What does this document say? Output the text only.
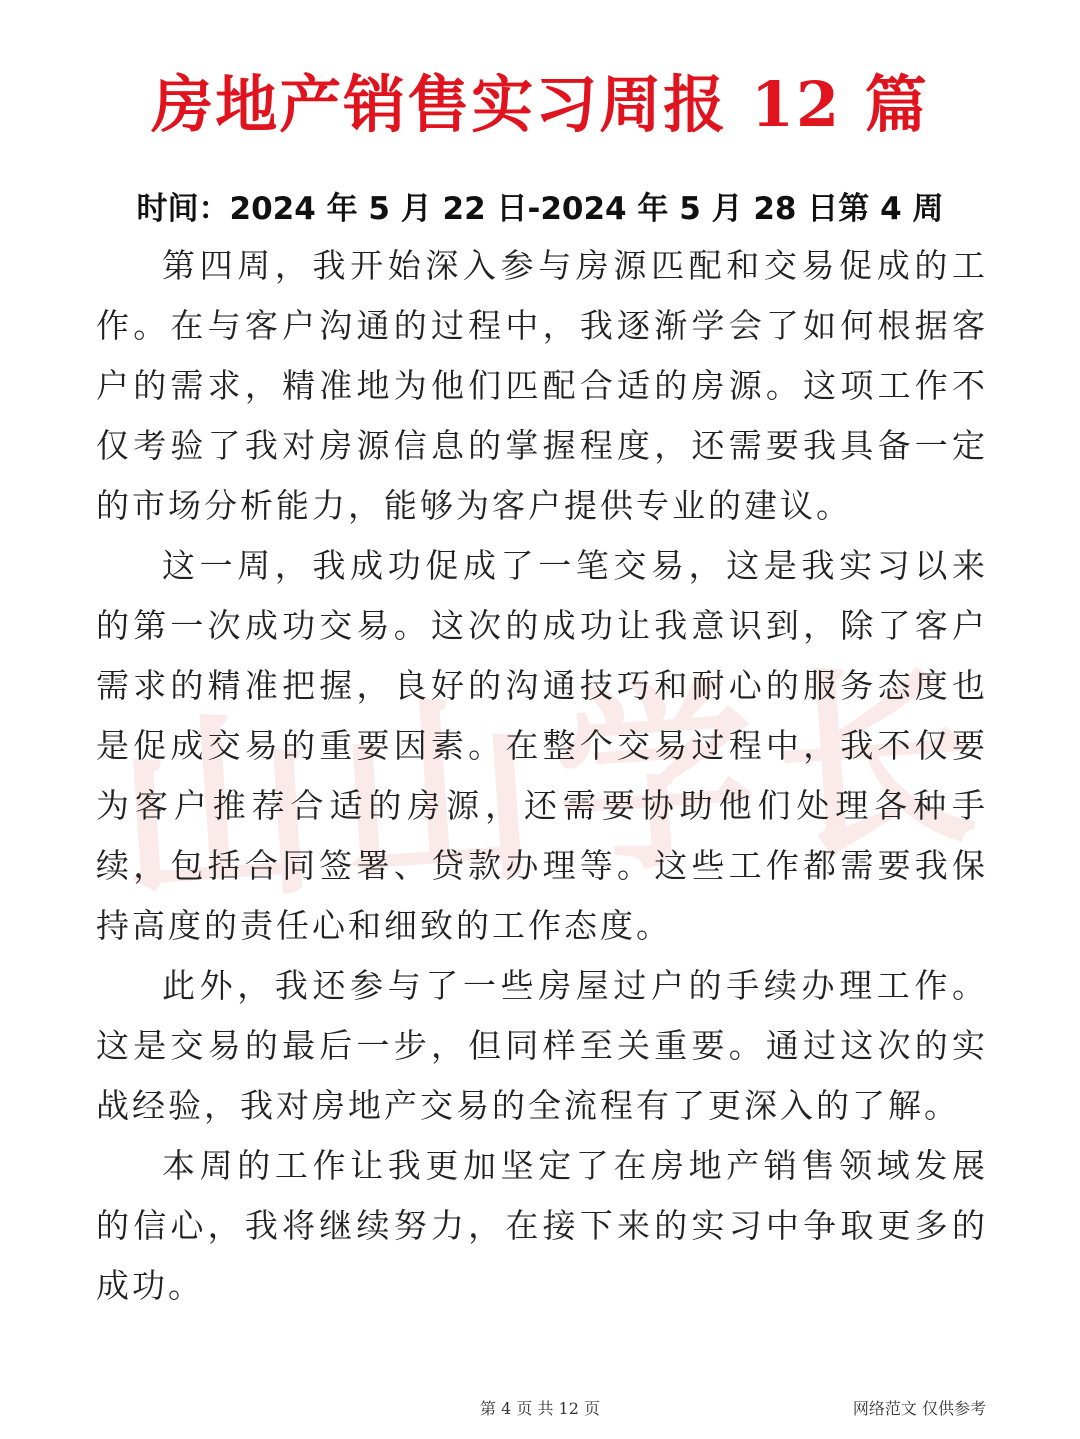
山
山
学
长
房地产销售实习周报 12 篇
时间：2024 年 5 月 22 日-2024 年 5 月 28 日第 4 周

第四周，我开始深入参与房源匹配和交易促成的工作。在与客户沟通的过程中，我逐渐学会了如何根据客户的需求，精准地为他们匹配合适的房源。这项工作不仅考验了我对房源信息的掌握程度，还需要我具备一定的市场分析能力，能够为客户提供专业的建议。

这一周，我成功促成了一笔交易，这是我实习以来的第一次成功交易。这次的成功让我意识到，除了客户需求的精准把握，良好的沟通技巧和耐心的服务态度也是促成交易的重要因素。在整个交易过程中，我不仅要为客户推荐合适的房源，还需要协助他们处理各种手续，包括合同签署、贷款办理等。这些工作都需要我保持高度的责任心和细致的工作态度。

此外，我还参与了一些房屋过户的手续办理工作。这是交易的最后一步，但同样至关重要。通过这次的实战经验，我对房地产交易的全流程有了更深入的了解。

本周的工作让我更加坚定了在房地产销售领域发展的信心，我将继续努力，在接下来的实习中争取更多的成功。

第 4 页 共 12 页	网络范文 仅供参考
